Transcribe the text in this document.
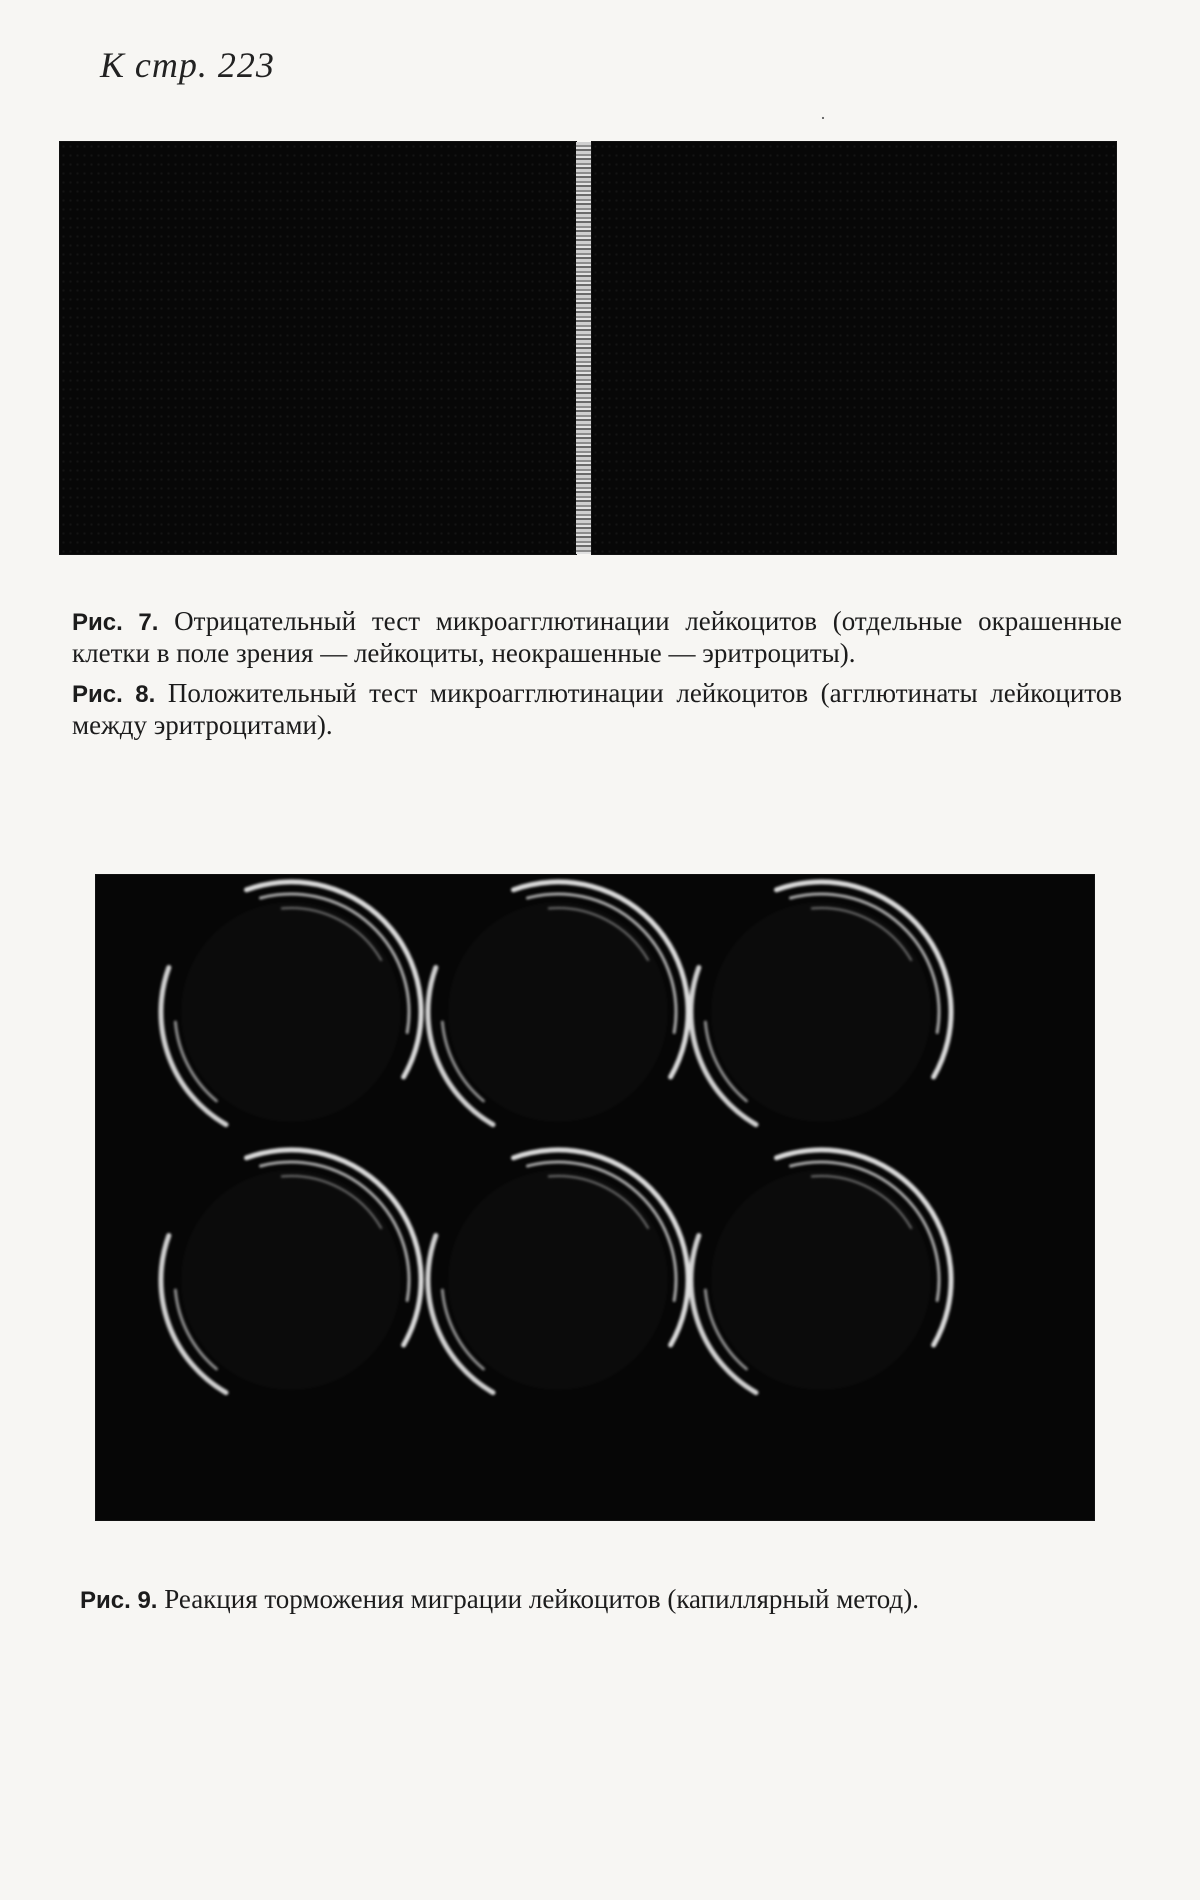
К стр. 223
·
Рис. 7. Отрицательный тест микроагглютинации лейкоцитов (отдельные окрашенные клетки в поле зрения — лейкоциты, неокрашенные — эритроциты).
Рис. 8. Положительный тест микроагглютинации лейкоцитов (агглютинаты лейкоцитов между эритроцитами).
Рис. 9. Реакция торможения миграции лейкоцитов (капиллярный метод).
